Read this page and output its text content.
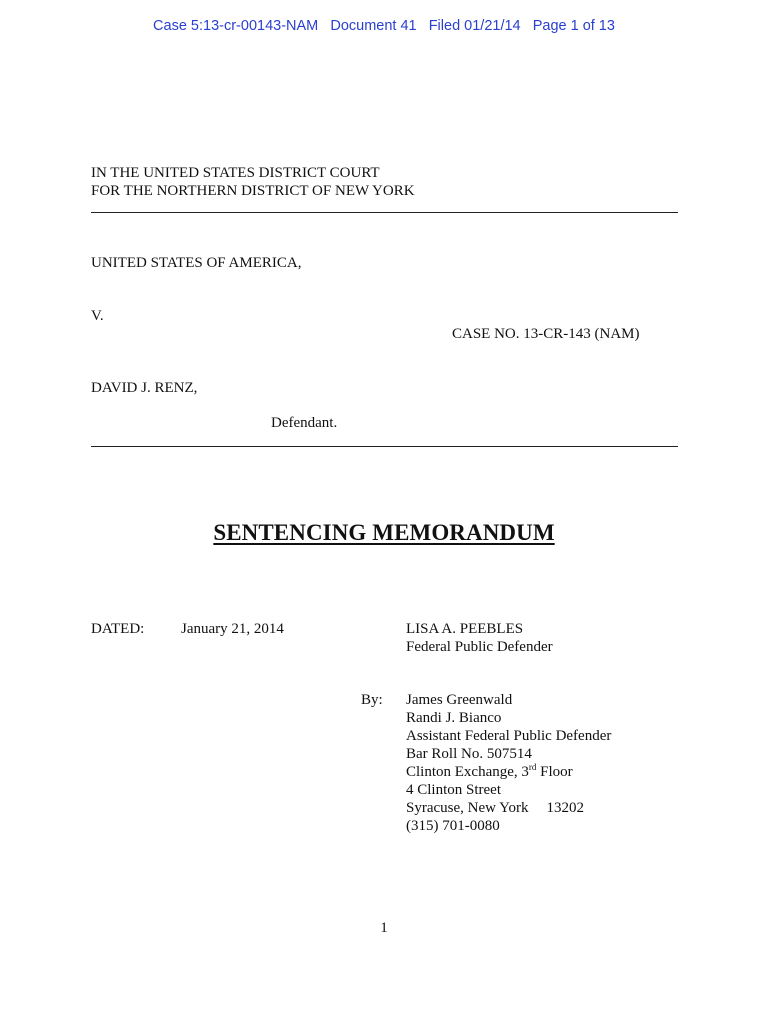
Case 5:13-cr-00143-NAM Document 41 Filed 01/21/14 Page 1 of 13
IN THE UNITED STATES DISTRICT COURT
FOR THE NORTHERN DISTRICT OF NEW YORK
UNITED STATES OF AMERICA,
V.
CASE NO. 13-CR-143 (NAM)
DAVID J. RENZ,
Defendant.
SENTENCING MEMORANDUM
DATED: January 21, 2014	LISA A. PEEBLES
Federal Public Defender
By: James Greenwald
Randi J. Bianco
Assistant Federal Public Defender
Bar Roll No. 507514
Clinton Exchange, 3rd Floor
4 Clinton Street
Syracuse, New York 13202
(315) 701-0080
1
